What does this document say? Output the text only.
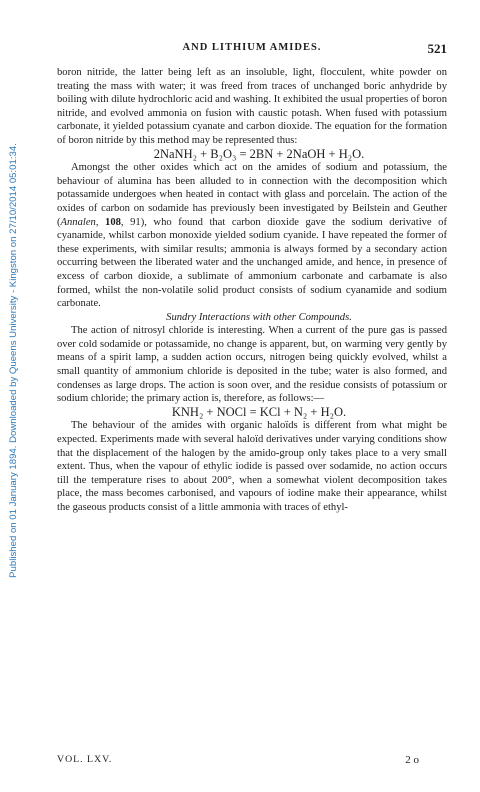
Published on 01 January 1894. Downloaded by Queens University - Kingston on 27/10/2014 05:01:34.
AND LITHIUM AMIDES.	521

boron nitride, the latter being left as an insoluble, light, flocculent, white powder on treating the mass with water; it was freed from traces of unchanged boric anhydride by boiling with dilute hydrochloric acid and washing. It exhibited the usual properties of boron nitride, and evolved ammonia on fusion with caustic potash. When fused with potassium carbonate, it yielded potassium cyanate and carbon dioxide. The equation for the formation of boron nitride by this method may be represented thus:

2NaNH₂ + B₂O₃ = 2BN + 2NaOH + H₂O.

Amongst the other oxides which act on the amides of sodium and potassium, the behaviour of alumina has been alluded to in connection with the decomposition which potassamide undergoes when heated in contact with glass and porcelain. The action of the oxides of carbon on sodamide has previously been investigated by Beilstein and Geuther (Annalen, 108, 91), who found that carbon dioxide gave the sodium derivative of cyanamide, whilst carbon monoxide yielded sodium cyanide. I have repeated the former of these experiments, with similar results; ammonia is always formed by a secondary action occurring between the liberated water and the unchanged amide, and hence, in presence of excess of carbon dioxide, a sublimate of ammonium carbonate and carbamate is also formed, whilst the non-volatile solid product consists of sodium cyanamide and sodium carbonate.

Sundry Interactions with other Compounds.

The action of nitrosyl chloride is interesting. When a current of the pure gas is passed over cold sodamide or potassamide, no change is apparent, but, on warming very gently by means of a spirit lamp, a sudden action occurs, nitrogen being quickly evolved, whilst a small quantity of ammonium chloride is deposited in the tube; water is also formed, and condenses as large drops. The action is soon over, and the residue consists of potassium or sodium chloride; the primary action is, therefore, as follows:—

KNH₂ + NOCl = KCl + N₂ + H₂O.

The behaviour of the amides with organic haloïds is different from what might be expected. Experiments made with several haloïd derivatives under varying conditions show that the displacement of the halogen by the amido-group only takes place to a very small extent. Thus, when the vapour of ethylic iodide is passed over sodamide, no action occurs till the temperature rises to about 200°, when a somewhat violent decomposition takes place, the mass becomes carbonised, and vapours of iodine make their appearance, whilst the gaseous products consist of a little ammonia with traces of ethyl-

VOL. LXV.	2 o
